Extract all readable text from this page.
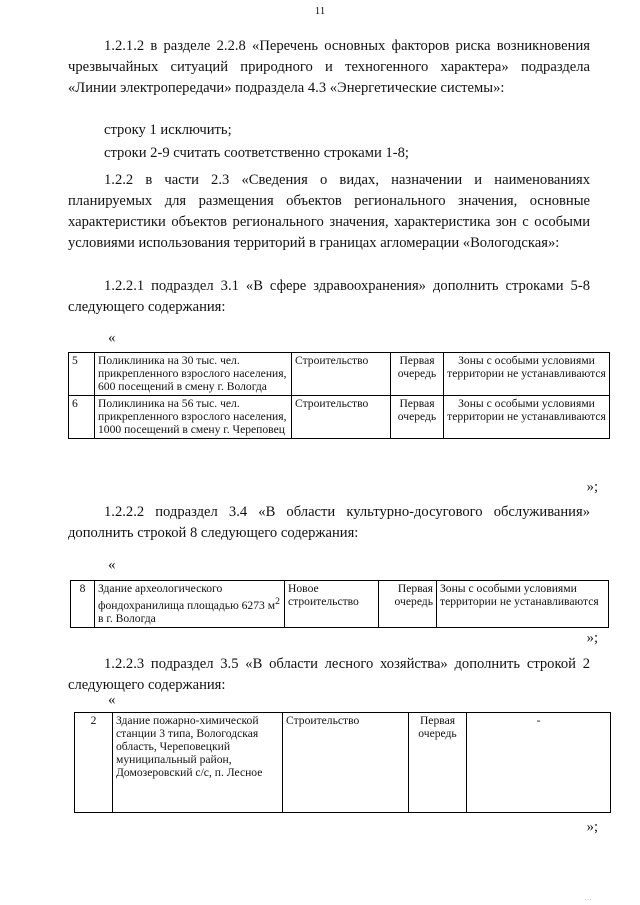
11

1.2.1.2 в разделе 2.2.8 «Перечень основных факторов риска возникновения чрезвычайных ситуаций природного и техногенного характера» подраздела «Линии электропередачи» подраздела 4.3 «Энергетические системы»:

строку 1 исключить;

строки 2-9 считать соответственно строками 1-8;

1.2.2 в части 2.3 «Сведения о видах, назначении и наименованиях планируемых для размещения объектов регионального значения, основные характеристики объектов регионального значения, характеристика зон с особыми условиями использования территорий в границах агломерации «Вологодская»:

1.2.2.1 подраздел 3.1 «В сфере здравоохранения» дополнить строками 5-8 следующего содержания:

«
5	Поликлиника на 30 тыс. чел. прикрепленного взрослого населения, 600 посещений в смену г. Вологда	Строительство	Первая очередь	Зоны с особыми условиями территории не устанавливаются
6	Поликлиника на 56 тыс. чел. прикрепленного взрослого населения, 1000 посещений в смену г. Череповец	Строительство	Первая очередь	Зоны с особыми условиями территории не устанавливаются
»;

1.2.2.2 подраздел 3.4 «В области культурно-досугового обслуживания» дополнить строкой 8 следующего содержания:

«
8	Здание археологического фондохранилища площадью 6273 $м^2$ в г. Вологда	Новое строительство	Первая очередь	Зоны с особыми условиями территории не устанавливаются
»;

1.2.2.3 подраздел 3.5 «В области лесного хозяйства» дополнить строкой 2 следующего содержания:

«
2	Здание пожарно-химической станции 3 типа, Вологодская область, Череповецкий муниципальный район, Домозеровский с/с, п. Лесное	Строительство	Первая очередь	-
»;
...
